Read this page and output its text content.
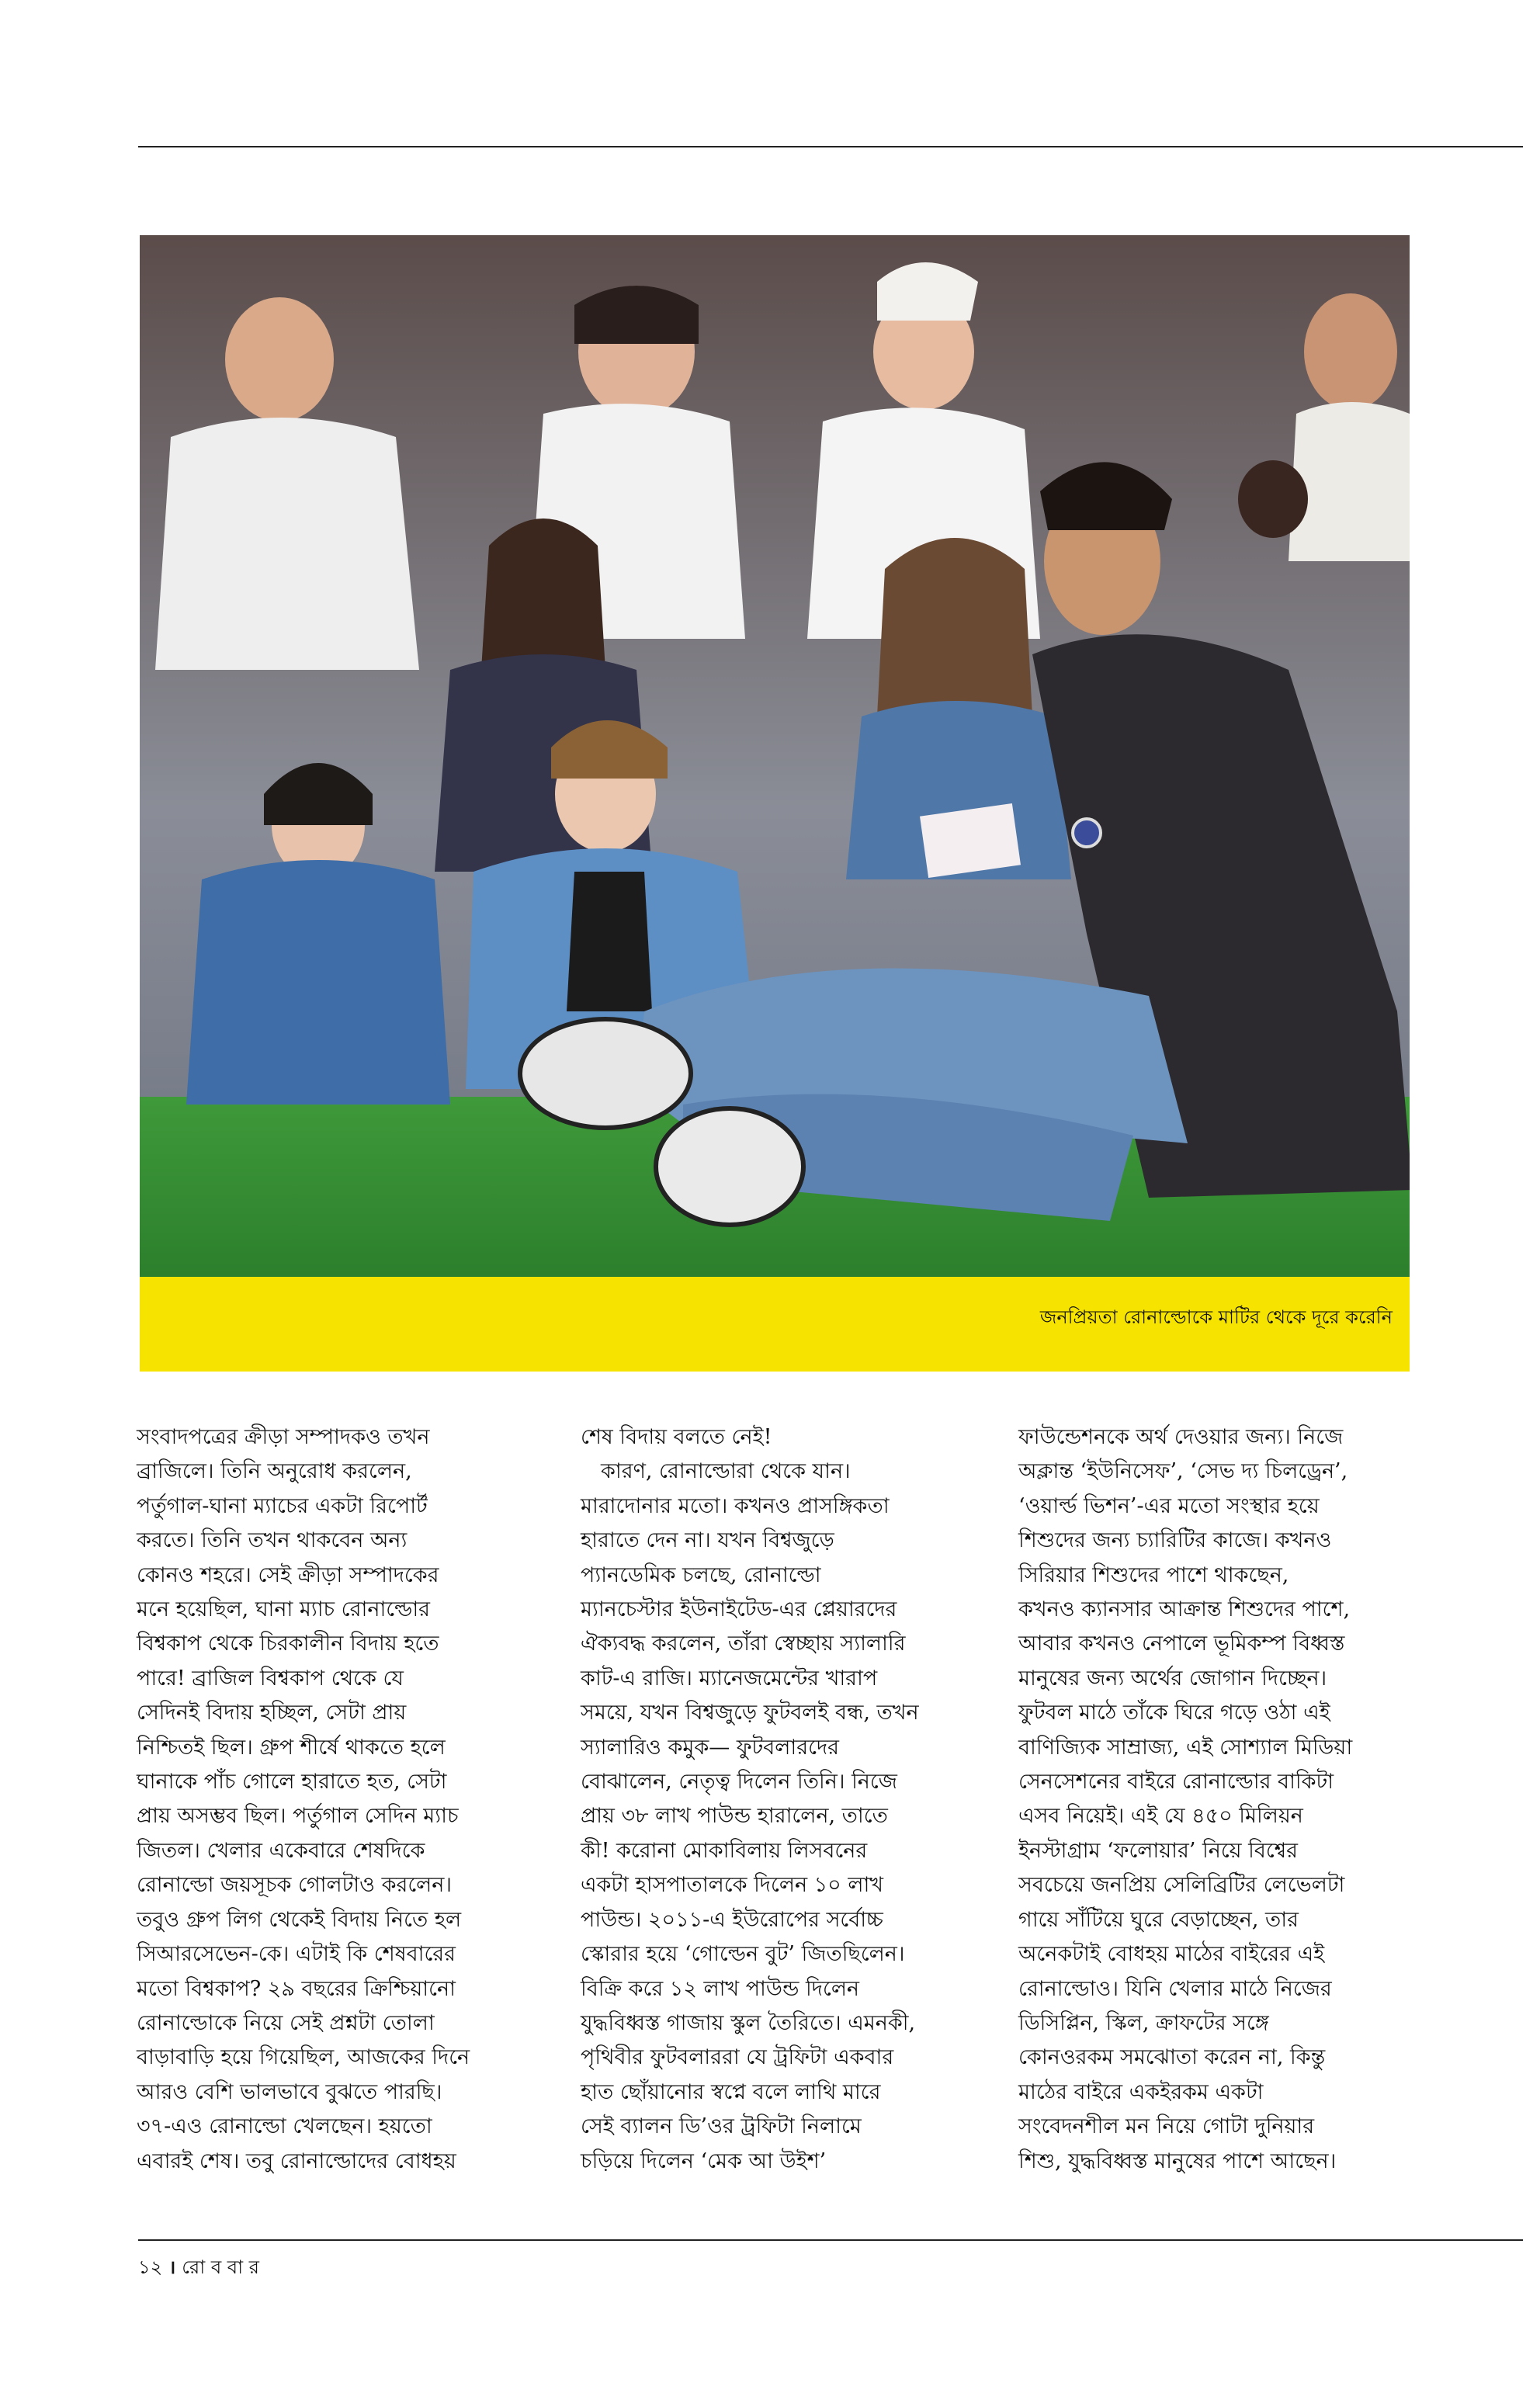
জনপ্রিয়তা রোনাল্ডোকে মাটির থেকে দূরে করেনি
সংবাদপত্রের ক্রীড়া সম্পাদকও তখন
ব্রাজিলে। তিনি অনুরোধ করলেন,
পর্তুগাল-ঘানা ম্যাচের একটা রিপোর্ট
করতে। তিনি তখন থাকবেন অন্য
কোনও শহরে। সেই ক্রীড়া সম্পাদকের
মনে হয়েছিল, ঘানা ম্যাচ রোনাল্ডোর
বিশ্বকাপ থেকে চিরকালীন বিদায় হতে
পারে! ব্রাজিল বিশ্বকাপ থেকে যে
সেদিনই বিদায় হচ্ছিল, সেটা প্রায়
নিশ্চিতই ছিল। গ্রুপ শীর্ষে থাকতে হলে
ঘানাকে পাঁচ গোলে হারাতে হত, সেটা
প্রায় অসম্ভব ছিল। পর্তুগাল সেদিন ম্যাচ
জিতল। খেলার একেবারে শেষদিকে
রোনাল্ডো জয়সূচক গোলটাও করলেন।
তবুও গ্রুপ লিগ থেকেই বিদায় নিতে হল
সিআরসেভেন-কে। এটাই কি শেষবারের
মতো বিশ্বকাপ? ২৯ বছরের ক্রিশ্চিয়ানো
রোনাল্ডোকে নিয়ে সেই প্রশ্নটা তোলা
বাড়াবাড়ি হয়ে গিয়েছিল, আজকের দিনে
আরও বেশি ভালভাবে বুঝতে পারছি।
৩৭-এও রোনাল্ডো খেলছেন। হয়তো
এবারই শেষ। তবু রোনাল্ডোদের বোধহয়
শেষ বিদায় বলতে নেই!
কারণ, রোনাল্ডোরা থেকে যান।
মারাদোনার মতো। কখনও প্রাসঙ্গিকতা
হারাতে দেন না। যখন বিশ্বজুড়ে
প্যানডেমিক চলছে, রোনাল্ডো
ম্যানচেস্টার ইউনাইটেড-এর প্লেয়ারদের
ঐক্যবদ্ধ করলেন, তাঁরা স্বেচ্ছায় স্যালারি
কাট-এ রাজি। ম্যানেজমেন্টের খারাপ
সময়ে, যখন বিশ্বজুড়ে ফুটবলই বন্ধ, তখন
স্যালারিও কমুক— ফুটবলারদের
বোঝালেন, নেতৃত্ব দিলেন তিনি। নিজে
প্রায় ৩৮ লাখ পাউন্ড হারালেন, তাতে
কী! করোনা মোকাবিলায় লিসবনের
একটা হাসপাতালকে দিলেন ১০ লাখ
পাউন্ড। ২০১১-এ ইউরোপের সর্বোচ্চ
স্কোরার হয়ে ‘গোল্ডেন বুট’ জিতছিলেন।
বিক্রি করে ১২ লাখ পাউন্ড দিলেন
যুদ্ধবিধ্বস্ত গাজায় স্কুল তৈরিতে। এমনকী,
পৃথিবীর ফুটবলাররা যে ট্রফিটা একবার
হাত ছোঁয়ানোর স্বপ্নে বলে লাথি মারে
সেই ব্যালন ডি’ওর ট্রফিটা নিলামে
চড়িয়ে দিলেন ‘মেক আ উইশ’
ফাউন্ডেশনকে অর্থ দেওয়ার জন্য। নিজে
অক্লান্ত ‘ইউনিসেফ’, ‘সেভ দ্য চিলড্রেন’,
‘ওয়ার্ল্ড ভিশন’-এর মতো সংস্থার হয়ে
শিশুদের জন্য চ্যারিটির কাজে। কখনও
সিরিয়ার শিশুদের পাশে থাকছেন,
কখনও ক্যানসার আক্রান্ত শিশুদের পাশে,
আবার কখনও নেপালে ভূমিকম্প বিধ্বস্ত
মানুষের জন্য অর্থের জোগান দিচ্ছেন।
ফুটবল মাঠে তাঁকে ঘিরে গড়ে ওঠা এই
বাণিজ্যিক সাম্রাজ্য, এই সোশ্যাল মিডিয়া
সেনসেশনের বাইরে রোনাল্ডোর বাকিটা
এসব নিয়েই। এই যে ৪৫০ মিলিয়ন
ইনস্টাগ্রাম ‘ফলোয়ার’ নিয়ে বিশ্বের
সবচেয়ে জনপ্রিয় সেলিব্রিটির লেভেলটা
গায়ে সাঁটিয়ে ঘুরে বেড়াচ্ছেন, তার
অনেকটাই বোধহয় মাঠের বাইরের এই
রোনাল্ডোও। যিনি খেলার মাঠে নিজের
ডিসিপ্লিন, স্কিল, ক্রাফটের সঙ্গে
কোনওরকম সমঝোতা করেন না, কিন্তু
মাঠের বাইরে একইরকম একটা
সংবেদনশীল মন নিয়ে গোটা দুনিয়ার
শিশু, যুদ্ধবিধ্বস্ত মানুষের পাশে আছেন।
১২ । রো ব বা র
